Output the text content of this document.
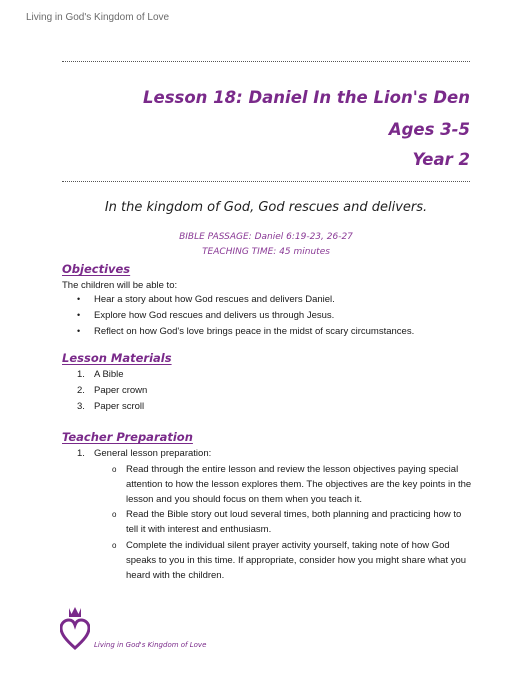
Living in God's Kingdom of Love
Lesson 18: Daniel In the Lion's Den
Ages 3-5
Year 2
In the kingdom of God, God rescues and delivers.
BIBLE PASSAGE: Daniel 6:19-23, 26-27
TEACHING TIME: 45 minutes
Objectives
The children will be able to:
• Hear a story about how God rescues and delivers Daniel.
• Explore how God rescues and delivers us through Jesus.
• Reflect on how God's love brings peace in the midst of scary circumstances.
Lesson Materials
1. A Bible
2. Paper crown
3. Paper scroll
Teacher Preparation
1. General lesson preparation:
o Read through the entire lesson and review the lesson objectives paying special attention to how the lesson explores them. The objectives are the key points in the lesson and you should focus on them when you teach it.
o Read the Bible story out loud several times, both planning and practicing how to tell it with interest and enthusiasm.
o Complete the individual silent prayer activity yourself, taking note of how God speaks to you in this time. If appropriate, consider how you might share what you heard with the children.
Living in God's Kingdom of Love
